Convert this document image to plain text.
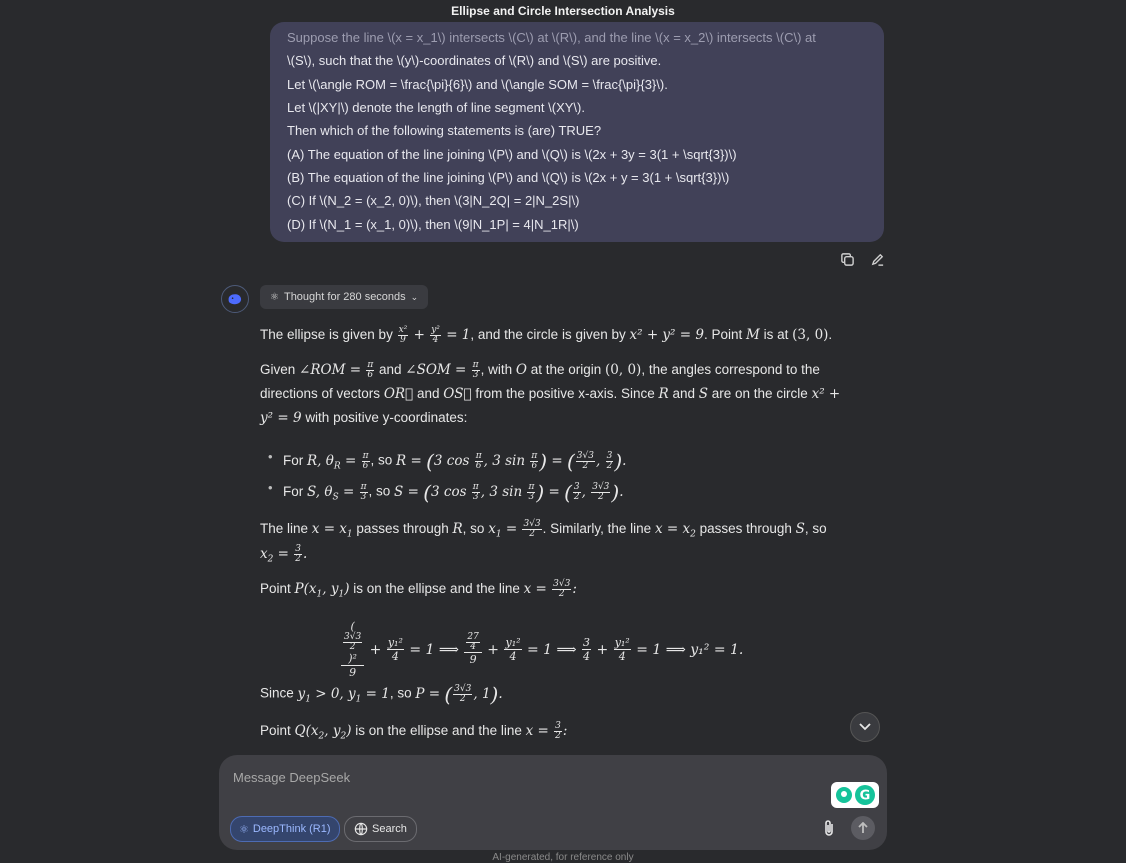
Ellipse and Circle Intersection Analysis
Suppose the line \(x = x_1\) intersects \(C\) at \(R\), and the line \(x = x_2\) intersects \(C\) at
\(S\), such that the \(y\)-coordinates of \(R\) and \(S\) are positive.
Let \(\angle ROM = \frac{\pi}{6}\) and \(\angle SOM = \frac{\pi}{3}\).
Let \(|XY|\) denote the length of line segment \(XY\).
Then which of the following statements is (are) TRUE?
(A) The equation of the line joining \(P\) and \(Q\) is \(2x + 3y = 3(1 + \sqrt{3})\)
(B) The equation of the line joining \(P\) and \(Q\) is \(2x + y = 3(1 + \sqrt{3})\)
(C) If \(N_2 = (x_2, 0)\), then \(3|N_2Q| = 2|N_2S|\)
(D) If \(N_1 = (x_1, 0)\), then \(9|N_1P| = 4|N_1R|\)
⚛ Thought for 280 seconds ⌄
The ellipse is given by $\frac{\text{x²}}{9} + \frac{\text{y²}}{4} = 1$, and the circle is given by x² + y² = 9. Point M is at (3, 0).
Given ∠ROM = $\frac{\pi}{6}$ and ∠SOM = $\frac{\pi}{3}$ , with O at the origin (0, 0), the angles correspond to the
directions of vectors OR⃗ and OS⃗ from the positive x-axis. Since R and S are on the circle x² +
y² = 9 with positive y-coordinates:
• For R, $\theta_R = \frac{\pi}{6}$ , so R = (3 $\cos \frac{\pi}{6}$ , 3 $\sin \frac{\pi}{6}$ ) = ( $\frac{3√3}{2}$ , $\frac{3}{2}$ ).
• For S, $\theta_S = \frac{\pi}{3}$ , so S = (3 $\cos \frac{\pi}{3}$ , 3 $\sin \frac{\pi}{3}$ ) = ( $\frac{3}{2}$ , $\frac{3√3}{2}$ ).
The line $x = x_1$ passes through R, so $x_1 = \frac{3√3}{2}$ . Similarly, the line $x = x_2$ passes through S, so
$x_2 = \frac{3}{2}$ .
Point $P(x_1$, $y_1$) is on the ellipse and the line $x = \frac{3√3}{2}$ :
(
3√3
2
)²
$9 + \frac{\text{y₁²}}{4} = 1$ ⟹ 27
4
$9 + \frac{\text{y₁²}}{4} = 1$ ⟹ $\frac{3}{4} + \frac{\text{y₁²}}{4} = 1$ ⟹ y₁² = 1.
Since $y_1 > 0$, $y_1 = 1$, so P = ( $\frac{3√3}{2}$ , 1).
Point $Q(x_2$, $y_2$) is on the ellipse and the line $x = \frac{3}{2}$ :
Message DeepSeek
G
⚛ DeepThink (R1)	Search
AI-generated, for reference only
